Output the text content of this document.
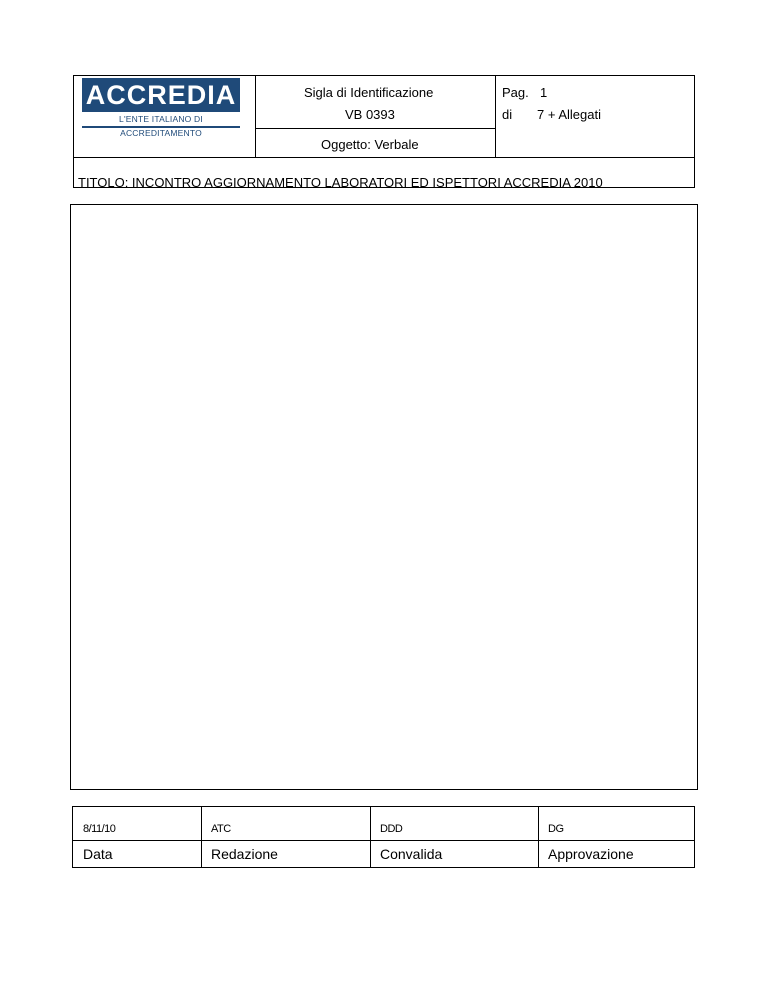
ACCREDIA
L'ENTE ITALIANO DI ACCREDITAMENTO
Sigla di Identificazione
VB 0393
Pag. 1
di 7 + Allegati
Oggetto: Verbale
TITOLO: INCONTRO AGGIORNAMENTO LABORATORI ED ISPETTORI ACCREDIA 2010
8/11/10	ATC	DDD	DG
Data	Redazione	Convalida	Approvazione
